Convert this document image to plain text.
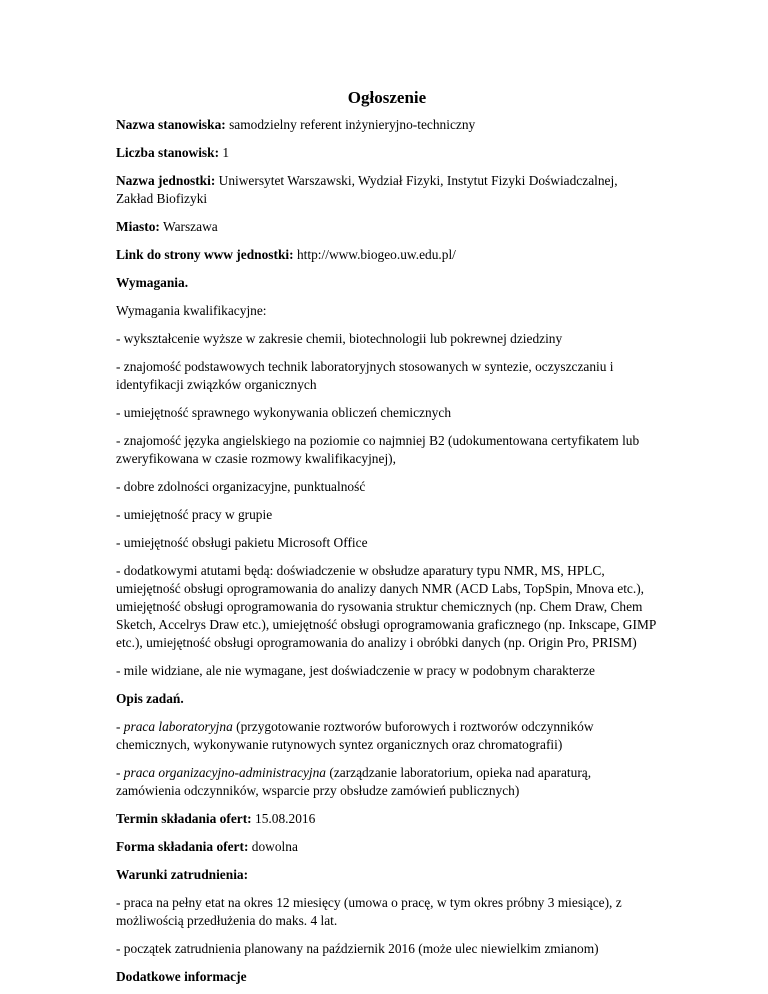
Ogłoszenie

Nazwa stanowiska: samodzielny referent inżynieryjno-techniczny

Liczba stanowisk: 1

Nazwa jednostki: Uniwersytet Warszawski, Wydział Fizyki, Instytut Fizyki Doświadczalnej, Zakład Biofizyki

Miasto: Warszawa

Link do strony www jednostki: http://www.biogeo.uw.edu.pl/

Wymagania.

Wymagania kwalifikacyjne:

- wykształcenie wyższe w zakresie chemii, biotechnologii lub pokrewnej dziedziny

- znajomość podstawowych technik laboratoryjnych stosowanych w syntezie, oczyszczaniu i identyfikacji związków organicznych

- umiejętność sprawnego wykonywania obliczeń chemicznych

- znajomość języka angielskiego na poziomie co najmniej B2 (udokumentowana certyfikatem lub zweryfikowana w czasie rozmowy kwalifikacyjnej),

- dobre zdolności organizacyjne, punktualność

- umiejętność pracy w grupie

- umiejętność obsługi pakietu Microsoft Office

- dodatkowymi atutami będą: doświadczenie w obsłudze aparatury typu NMR, MS, HPLC, umiejętność obsługi oprogramowania do analizy danych NMR (ACD Labs, TopSpin, Mnova etc.), umiejętność obsługi oprogramowania do rysowania struktur chemicznych (np. Chem Draw, Chem Sketch, Accelrys Draw etc.), umiejętność obsługi oprogramowania graficznego (np. Inkscape, GIMP etc.), umiejętność obsługi oprogramowania do analizy i obróbki danych (np. Origin Pro, PRISM)

- mile widziane, ale nie wymagane, jest doświadczenie w pracy w podobnym charakterze

Opis zadań.

- praca laboratoryjna (przygotowanie roztworów buforowych i roztworów odczynników chemicznych, wykonywanie rutynowych syntez organicznych oraz chromatografii)

- praca organizacyjno-administracyjna (zarządzanie laboratorium, opieka nad aparaturą, zamówienia odczynników, wsparcie przy obsłudze zamówień publicznych)

Termin składania ofert: 15.08.2016

Forma składania ofert: dowolna

Warunki zatrudnienia:

- praca na pełny etat na okres 12 miesięcy (umowa o pracę, w tym okres próbny 3 miesiące), z możliwością przedłużenia do maks. 4 lat.

- początek zatrudnienia planowany na październik 2016 (może ulec niewielkim zmianom)

Dodatkowe informacje
